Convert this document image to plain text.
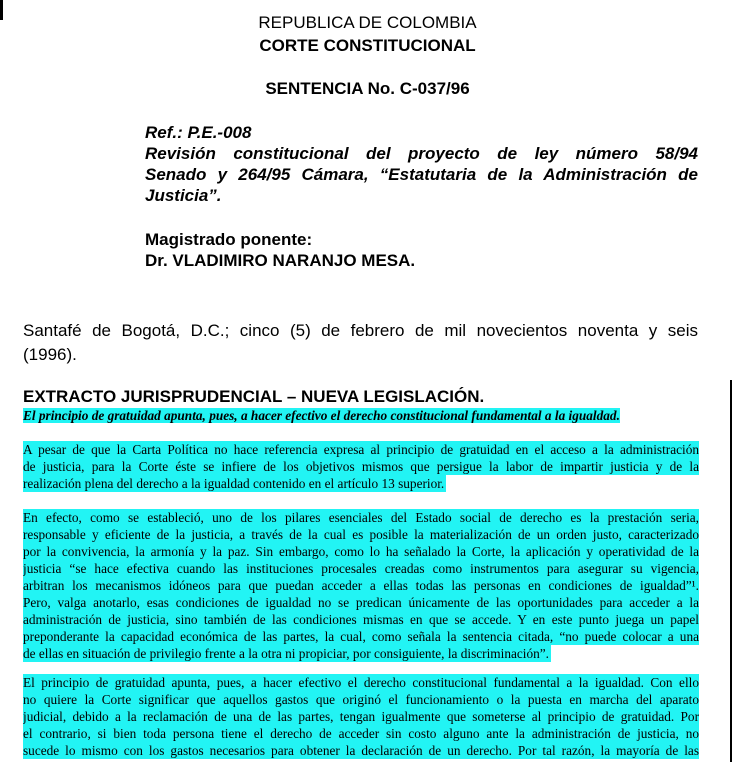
REPUBLICA DE COLOMBIA
CORTE CONSTITUCIONAL
SENTENCIA No. C-037/96
Ref.: P.E.-008
Revisión constitucional del proyecto de ley número 58/94
Senado y 264/95 Cámara, “Estatutaria de la Administración de
Justicia”.
Magistrado ponente:
Dr. VLADIMIRO NARANJO MESA.
Santafé de Bogotá, D.C.; cinco (5) de febrero de mil novecientos noventa y seis
(1996).
EXTRACTO JURISPRUDENCIAL – NUEVA LEGISLACIÓN.
El principio de gratuidad apunta, pues, a hacer efectivo el derecho constitucional fundamental a la igualdad.
A pesar de que la Carta Política no hace referencia expresa al principio de gratuidad en el acceso a la administración
de justicia, para la Corte éste se infiere de los objetivos mismos que persigue la labor de impartir justicia y de la
realización plena del derecho a la igualdad contenido en el artículo 13 superior.
En efecto, como se estableció, uno de los pilares esenciales del Estado social de derecho es la prestación seria,
responsable y eficiente de la justicia, a través de la cual es posible la materialización de un orden justo, caracterizado
por la convivencia, la armonía y la paz. Sin embargo, como lo ha señalado la Corte, la aplicación y operatividad de la
justicia “se hace efectiva cuando las instituciones procesales creadas como instrumentos para asegurar su vigencia,
arbitran los mecanismos idóneos para que puedan acceder a ellas todas las personas en condiciones de igualdad”¹.
Pero, valga anotarlo, esas condiciones de igualdad no se predican únicamente de las oportunidades para acceder a la
administración de justicia, sino también de las condiciones mismas en que se accede. Y en este punto juega un papel
preponderante la capacidad económica de las partes, la cual, como señala la sentencia citada, “no puede colocar a una
de ellas en situación de privilegio frente a la otra ni propiciar, por consiguiente, la discriminación”.
El principio de gratuidad apunta, pues, a hacer efectivo el derecho constitucional fundamental a la igualdad. Con ello
no quiere la Corte significar que aquellos gastos que originó el funcionamiento o la puesta en marcha del aparato
judicial, debido a la reclamación de una de las partes, tengan igualmente que someterse al principio de gratuidad. Por
el contrario, si bien toda persona tiene el derecho de acceder sin costo alguno ante la administración de justicia, no
sucede lo mismo con los gastos necesarios para obtener la declaración de un derecho. Por tal razón, la mayoría de las
